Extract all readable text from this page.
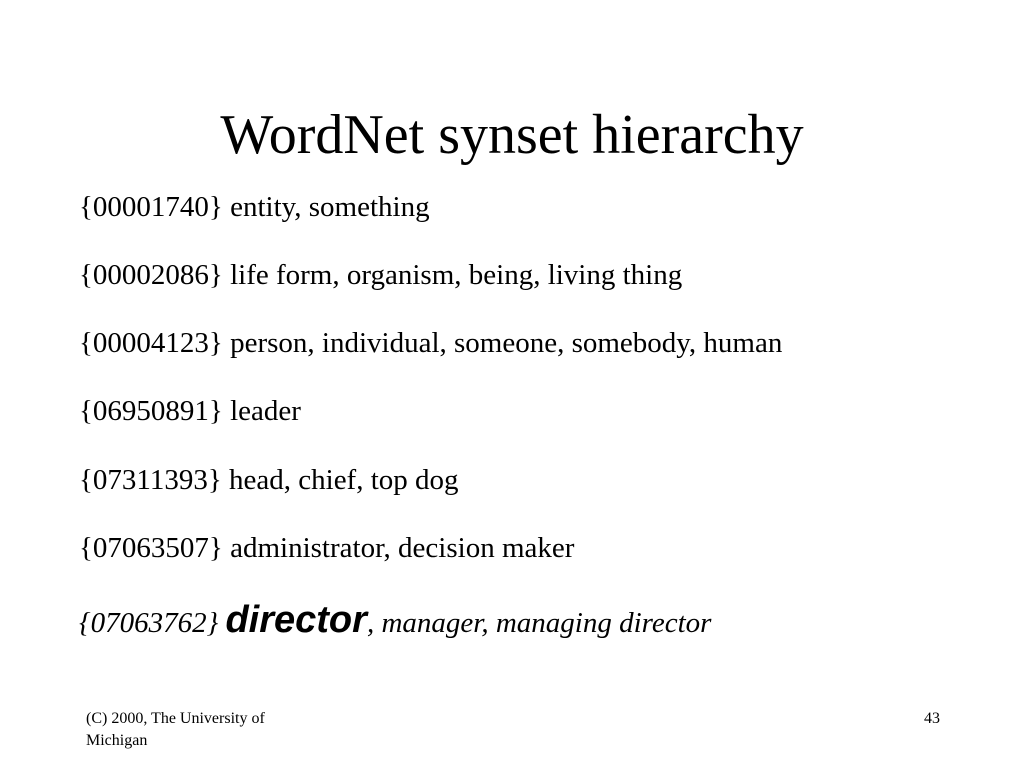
WordNet synset hierarchy
{00001740} entity, something
{00002086} life form, organism, being, living thing
{00004123} person, individual, someone, somebody, human
{06950891} leader
{07311393} head, chief, top dog
{07063507} administrator, decision maker
{07063762} director, manager, managing director
(C) 2000, The University of Michigan
43
